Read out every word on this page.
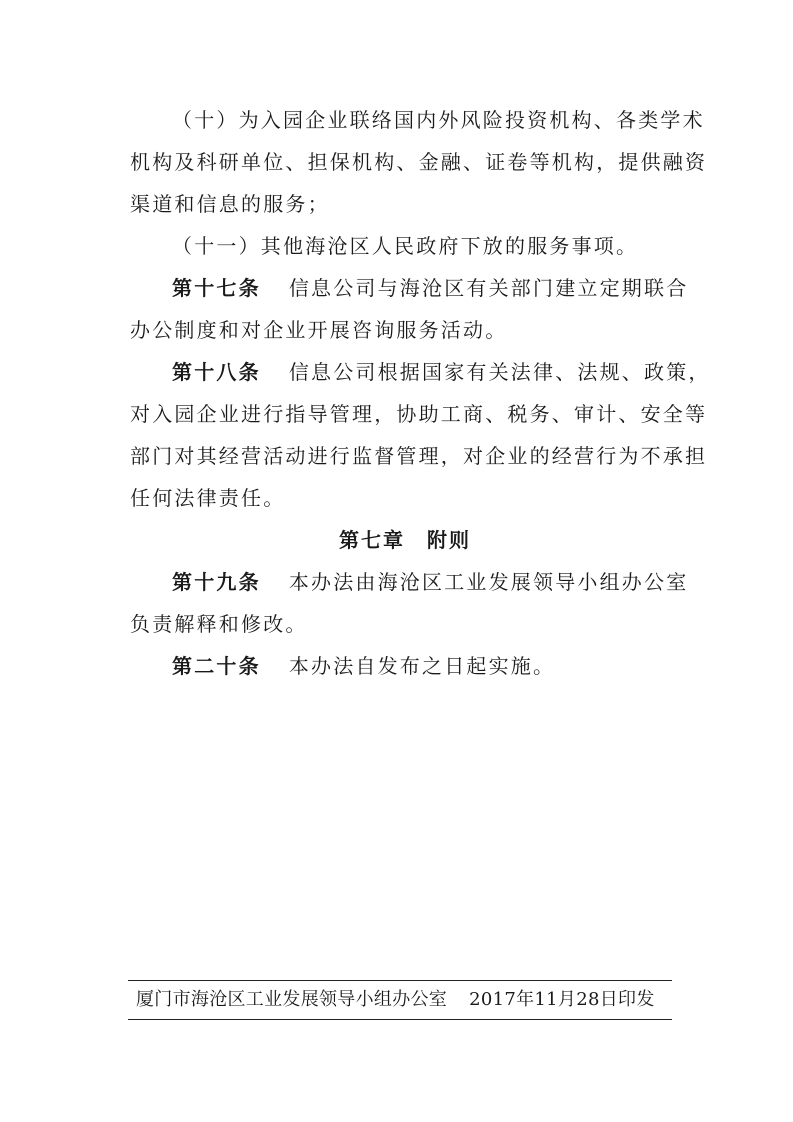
（十）为入园企业联络国内外风险投资机构、各类学术
机构及科研单位、担保机构、金融、证卷等机构，提供融资
渠道和信息的服务；
（十一）其他海沧区人民政府下放的服务事项。
第十七条 信息公司与海沧区有关部门建立定期联合
办公制度和对企业开展咨询服务活动。
第十八条 信息公司根据国家有关法律、法规、政策，
对入园企业进行指导管理，协助工商、税务、审计、安全等
部门对其经营活动进行监督管理，对企业的经营行为不承担
任何法律责任。
第七章 附则
第十九条 本办法由海沧区工业发展领导小组办公室
负责解释和修改。
第二十条 本办法自发布之日起实施。
厦门市海沧区工业发展领导小组办公室 2017年11月28日印发
